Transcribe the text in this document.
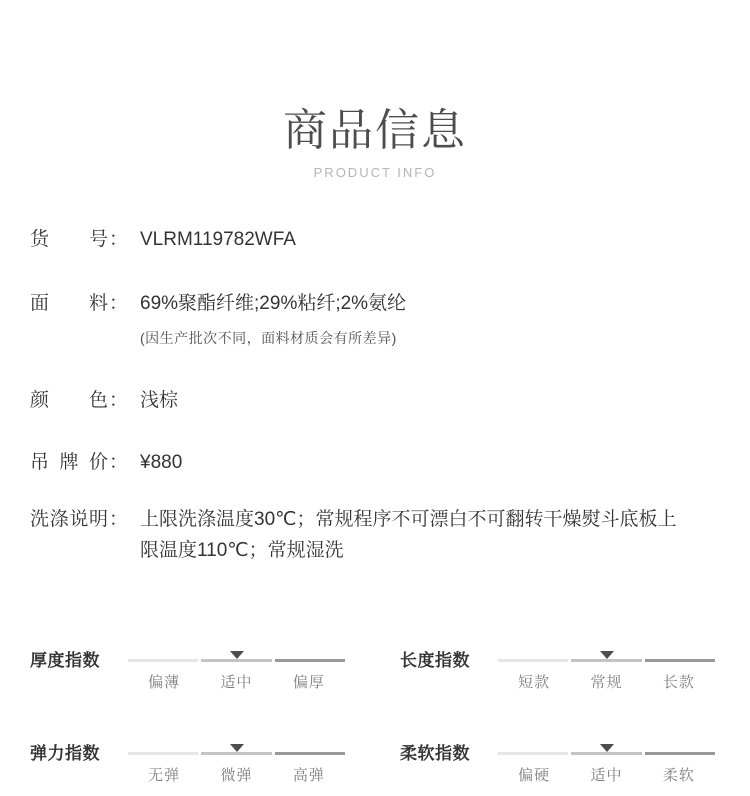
商品信息
PRODUCT INFO
货 号 ： VLRM119782WFA
面 料 ： 69%聚酯纤维;29%粘纤;2%氨纶
(因生产批次不同，面料材质会有所差异)
颜 色 ： 浅棕
吊 牌 价 ： ¥880
洗 涤 说 明 ： 上限洗涤温度30℃；常规程序不可漂白不可翻转干燥熨斗底板上限温度110℃；常规湿洗
厚度指数
偏薄	适中	偏厚
长度指数
短款	常规	长款
弹力指数
无弹	微弹	高弹
柔软指数
偏硬	适中	柔软
